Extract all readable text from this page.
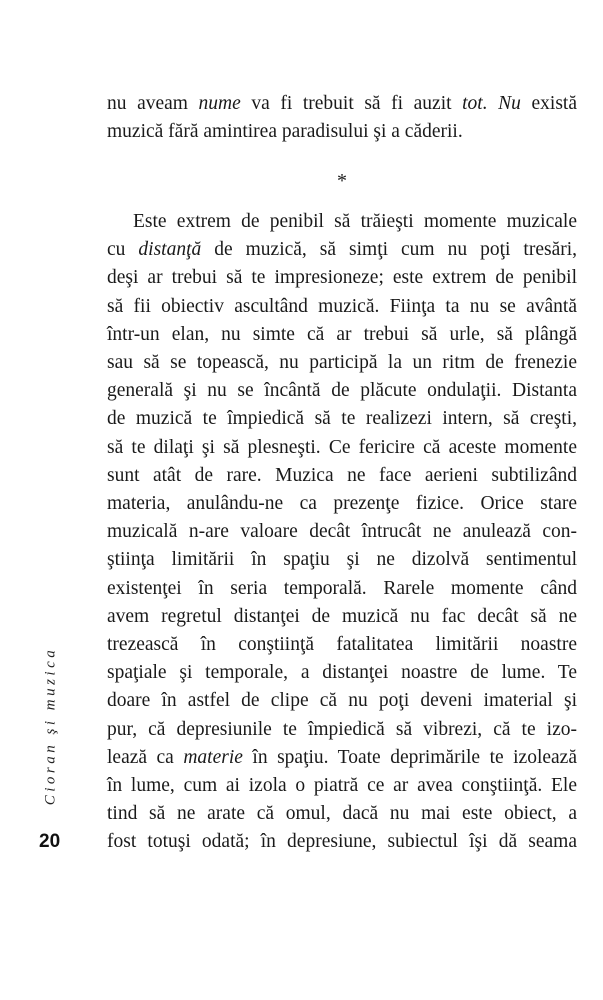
nu aveam nume va fi trebuit să fi auzit tot. Nu există
muzică fără amintirea paradisului şi a căderii.
*
Este extrem de penibil să trăieşti momente muzicale
cu distanţă de muzică, să simţi cum nu poţi tresări,
deşi ar trebui să te impresioneze; este extrem de penibil
să fii obiectiv ascultând muzică. Fiinţa ta nu se avântă
într-un elan, nu simte că ar trebui să urle, să plângă
sau să se topească, nu participă la un ritm de frenezie
generală şi nu se încântă de plăcute ondulaţii. Distanta
de muzică te împiedică să te realizezi intern, să creşti,
să te dilaţi şi să plesneşti. Ce fericire că aceste momente
sunt atât de rare. Muzica ne face aerieni subtilizând
materia, anulându-ne ca prezenţe fizice. Orice stare
muzicală n-are valoare decât întrucât ne anulează con-
ştiinţa limitării în spaţiu şi ne dizolvă sentimentul
existenţei în seria temporală. Rarele momente când
avem regretul distanţei de muzică nu fac decât să ne
trezească în conştiinţă fatalitatea limitării noastre
spaţiale şi temporale, a distanţei noastre de lume. Te
doare în astfel de clipe că nu poţi deveni imaterial şi
pur, că depresiunile te împiedică să vibrezi, că te izo-
lează ca materie în spaţiu. Toate deprimările te izolează
în lume, cum ai izola o piatră ce ar avea conştiinţă. Ele
tind să ne arate că omul, dacă nu mai este obiect, a
fost totuşi odată; în depresiune, subiectul îşi dă seama
Cioran şi muzica
20
